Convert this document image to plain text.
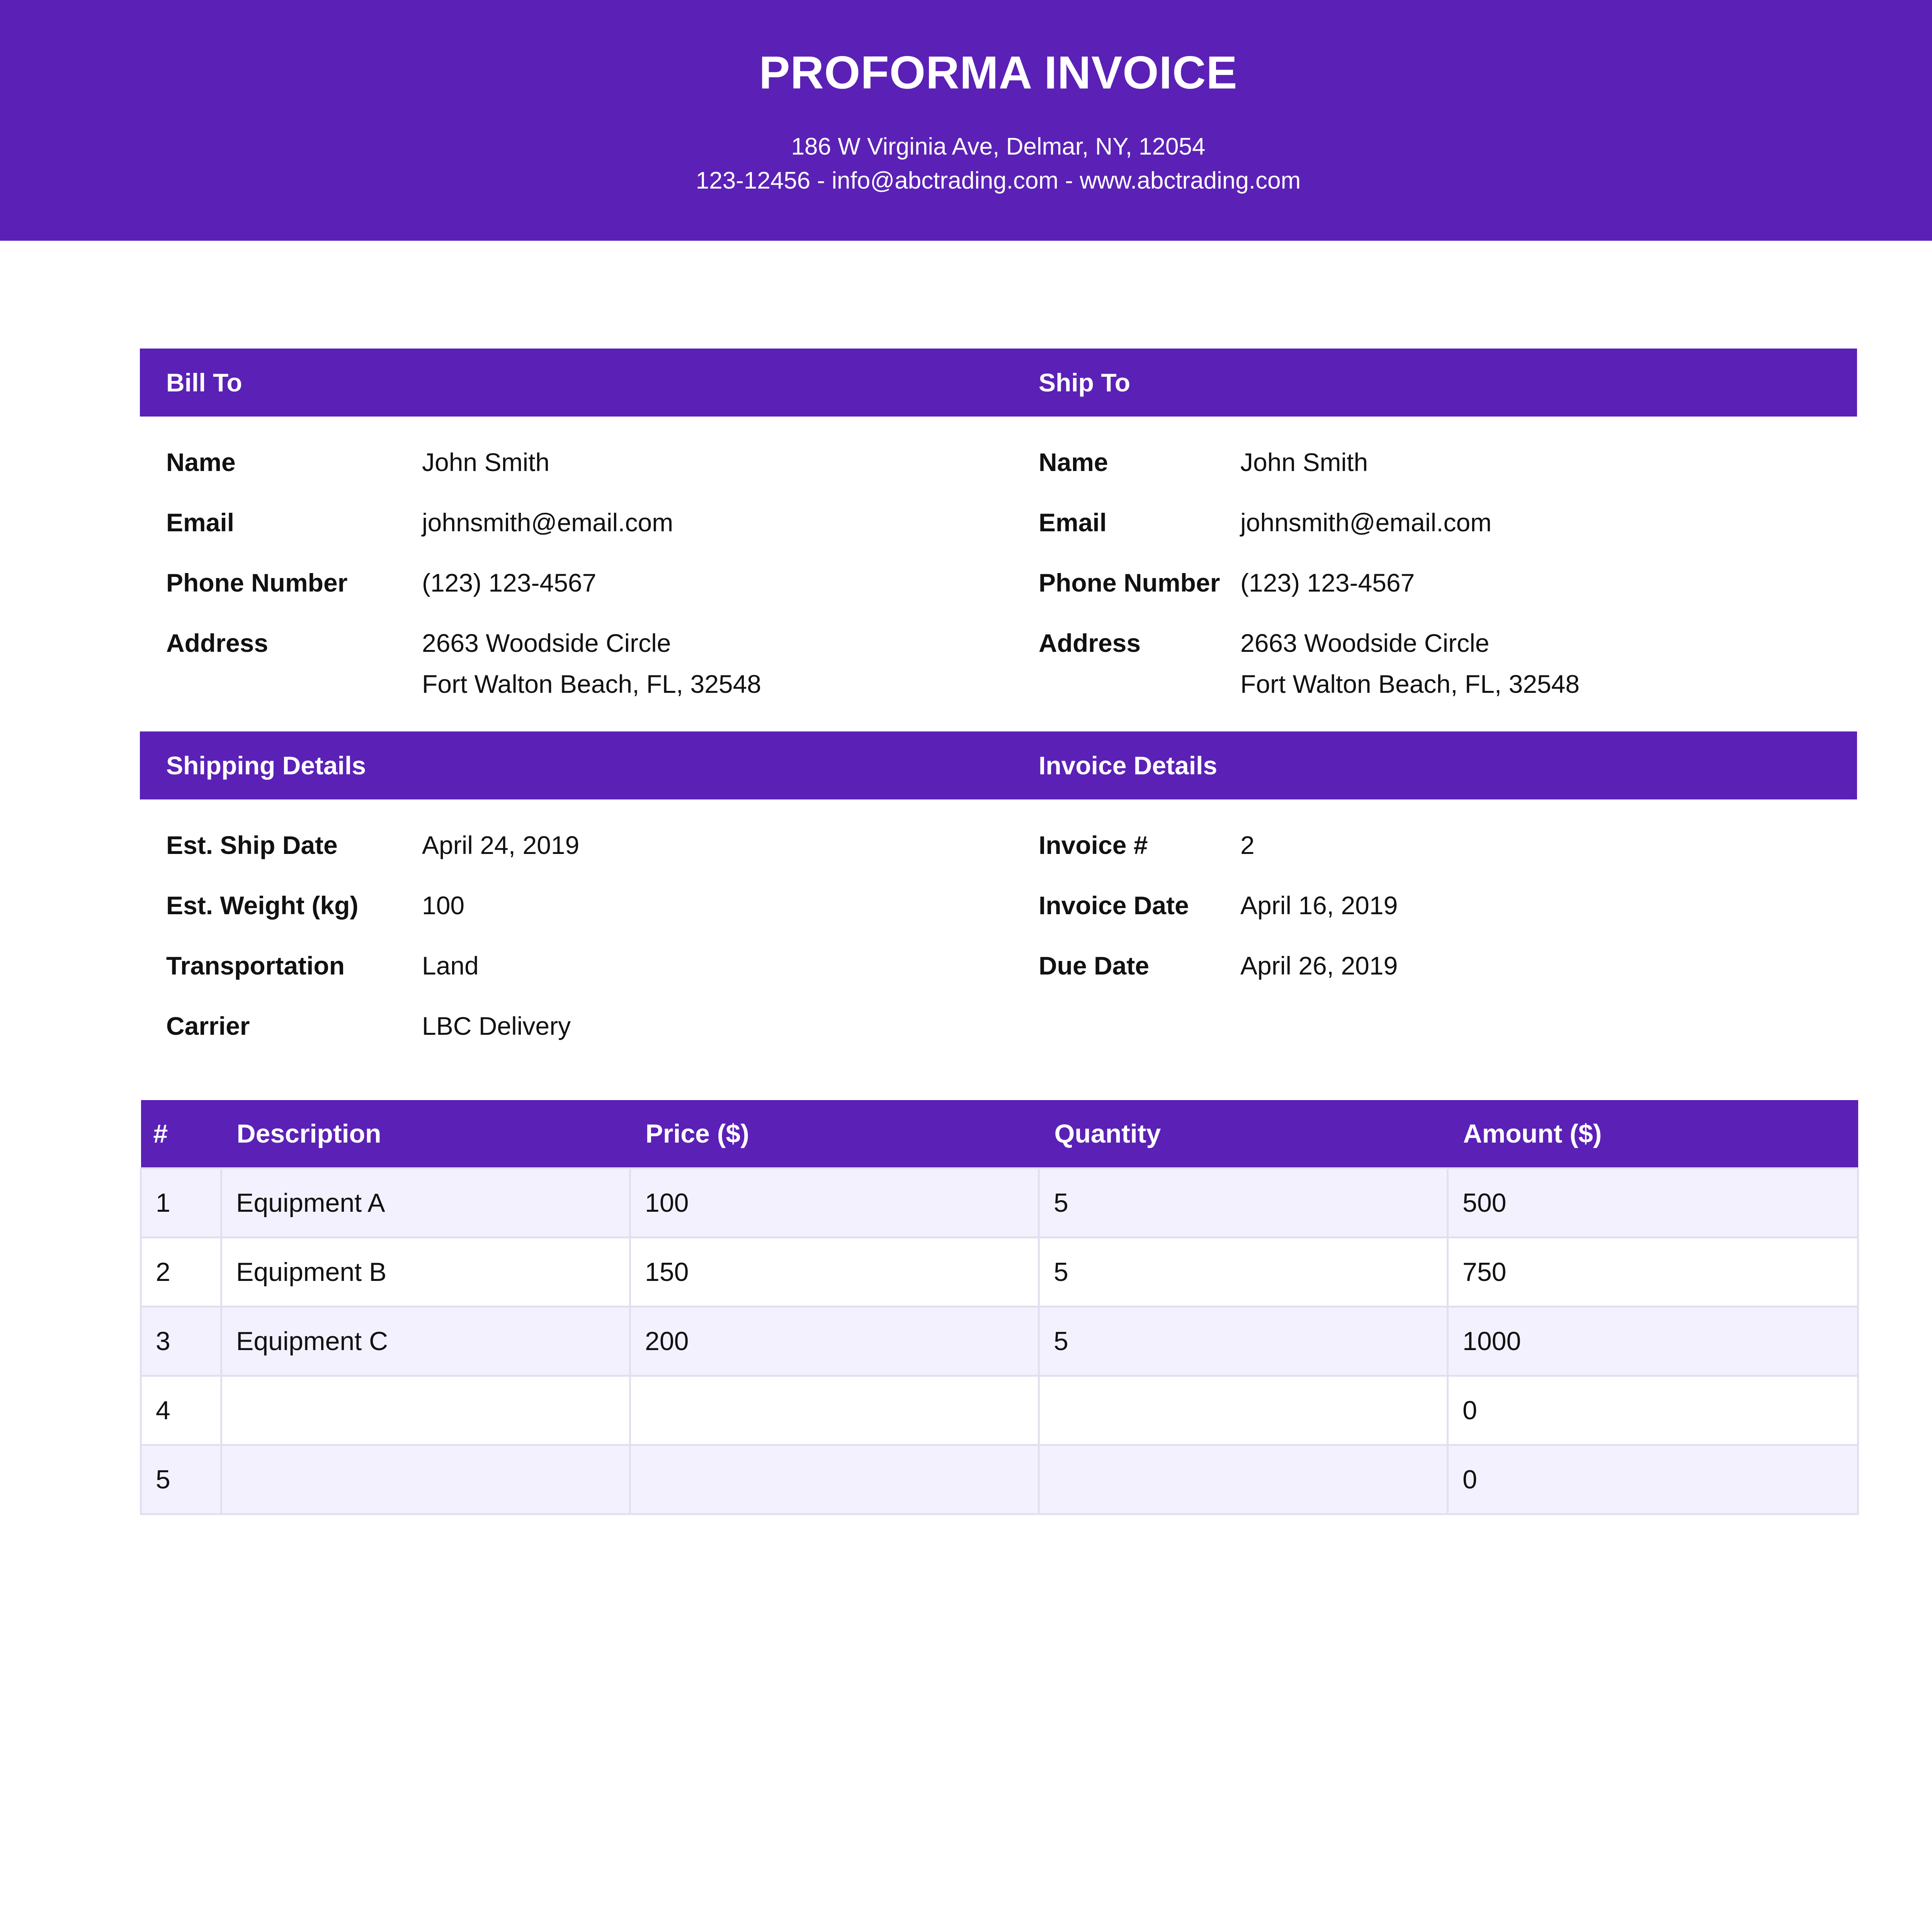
PROFORMA INVOICE
186 W Virginia Ave, Delmar, NY, 12054
123-12456 - info@abctrading.com - www.abctrading.com
Bill To	Ship To
Name	John Smith
Email	johnsmith@email.com
Phone Number	(123) 123-4567
Address	2663 Woodside Circle
Fort Walton Beach, FL, 32548
Name	John Smith
Email	johnsmith@email.com
Phone Number (123) 123-4567
Address	2663 Woodside Circle
Fort Walton Beach, FL, 32548
Shipping Details	Invoice Details
Est. Ship Date	April 24, 2019
Est. Weight (kg) 100
Transportation	Land
Carrier	LBC Delivery
Invoice #	2
Invoice Date April 16, 2019
Due Date	April 26, 2019
#	Description	Price ($)	Quantity	Amount ($)
1	Equipment A	100	5	500
2	Equipment B	150	5	750
3	Equipment C	200	5	1000
4				0
5				0
